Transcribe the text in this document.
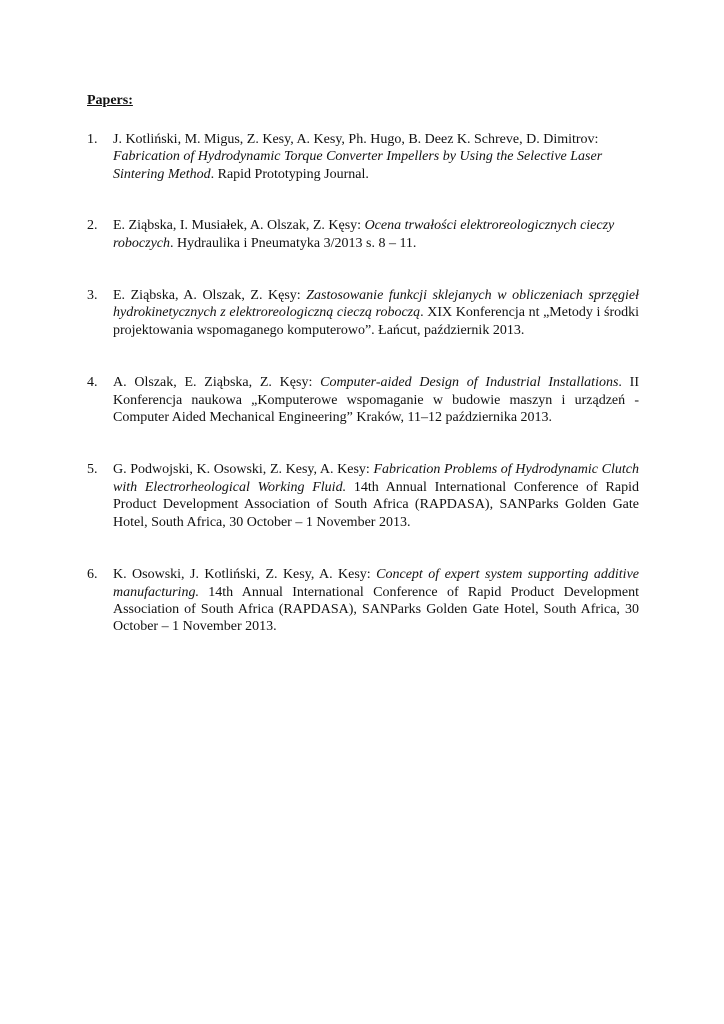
Papers:
1.	J. Kotliński, M. Migus, Z. Kesy, A. Kesy, Ph. Hugo, B. Deez K. Schreve, D. Dimitrov: Fabrication of Hydrodynamic Torque Converter Impellers by Using the Selective Laser Sintering Method. Rapid Prototyping Journal.
2.	E. Ziąbska, I. Musiałek, A. Olszak, Z. Kęsy: Ocena trwałości elektroreologicznych cieczy roboczych. Hydraulika i Pneumatyka 3/2013 s. 8 – 11.
3.	E. Ziąbska, A. Olszak, Z. Kęsy: Zastosowanie funkcji sklejanych w obliczeniach sprzęgieł hydrokinetycznych z elektroreologiczną cieczą roboczą. XIX Konferencja nt „Metody i środki projektowania wspomaganego komputerowo”. Łańcut, październik 2013.
4.	A. Olszak, E. Ziąbska, Z. Kęsy: Computer-aided Design of Industrial Installations. II Konferencja naukowa „Komputerowe wspomaganie w budowie maszyn i urządzeń - Computer Aided Mechanical Engineering” Kraków, 11–12 października 2013.
5.	G. Podwojski, K. Osowski, Z. Kesy, A. Kesy: Fabrication Problems of Hydrodynamic Clutch with Electrorheological Working Fluid. 14th Annual International Conference of Rapid Product Development Association of South Africa (RAPDASA), SANParks Golden Gate Hotel, South Africa, 30 October – 1 November 2013.
6.	K. Osowski, J. Kotliński, Z. Kesy, A. Kesy: Concept of expert system supporting additive manufacturing. 14th Annual International Conference of Rapid Product Development Association of South Africa (RAPDASA), SANParks Golden Gate Hotel, South Africa, 30 October – 1 November 2013.
